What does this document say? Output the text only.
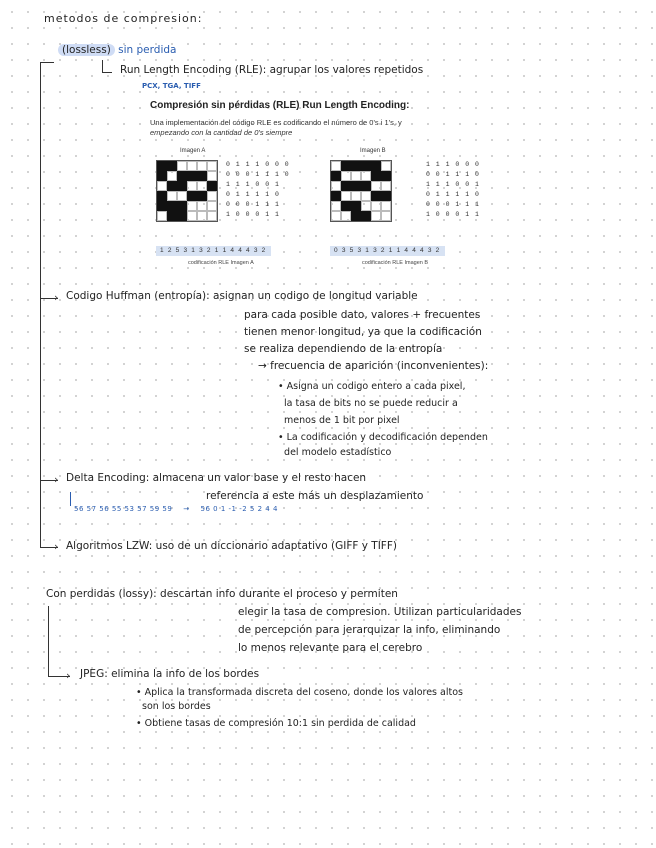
metodos de compresion:
(lossless) sin perdida
Run Length Encoding (RLE): agrupar los valores repetidos
PCX, TGA, TIFF
Compresión sin pérdidas (RLE) Run Length Encoding:
Una implementación del código RLE es codificando el número de 0's i 1's, y
empezando con la cantidad de 0's siempre
Imagen A
0 1 1 1 0 0 0
0 0 0 1 1 1 0
1 1 1 0 0 1
0 1 1 1 1 0
0 0 0 1 1 1
1 0 0 0 1 1
Imagen B
1 1 1 0 0 0
0 0 1 1 1 0
1 1 1 0 0 1
0 1 1 1 1 0
0 0 0 1 1 1
1 0 0 0 1 1
1 2 5 3 1 3 2 1 1 4 4 4 3 2
codificación RLE Imagen A
0 3 5 3 1 3 2 1 1 4 4 4 3 2
codificación RLE Imagen B
› Codigo Huffman (entropía): asignan un codigo de longitud variable
para cada posible dato, valores + frecuentes
tienen menor longitud, ya que la codificación
se realiza dependiendo de la entropía
→ frecuencia de aparición (inconvenientes):
• Asigna un codigo entero a cada pixel,
la tasa de bits no se puede reducir a
menos de 1 bit por pixel
• La codificación y decodificación dependen
del modelo estadístico
› Delta Encoding: almacena un valor base y el resto hacen
referencia a este más un desplazamiento
56 57 56 55 53 57 59 59 → 56 0 1 -1 -2 5 2 4 4
› Algoritmos LZW: uso de un diccionario adaptativo (GIFF y TIFF)
Con perdidas (lossy): descartan info durante el proceso y permiten
elegir la tasa de compresion. Utilizan particularidades
de percepción para jerarquizar la info, eliminando
lo menos relevante para el cerebro
› JPEG: elimina la info de los bordes
• Aplica la transformada discreta del coseno, donde los valores altos
son los bordes
• Obtiene tasas de compresión 10:1 sin perdida de calidad
